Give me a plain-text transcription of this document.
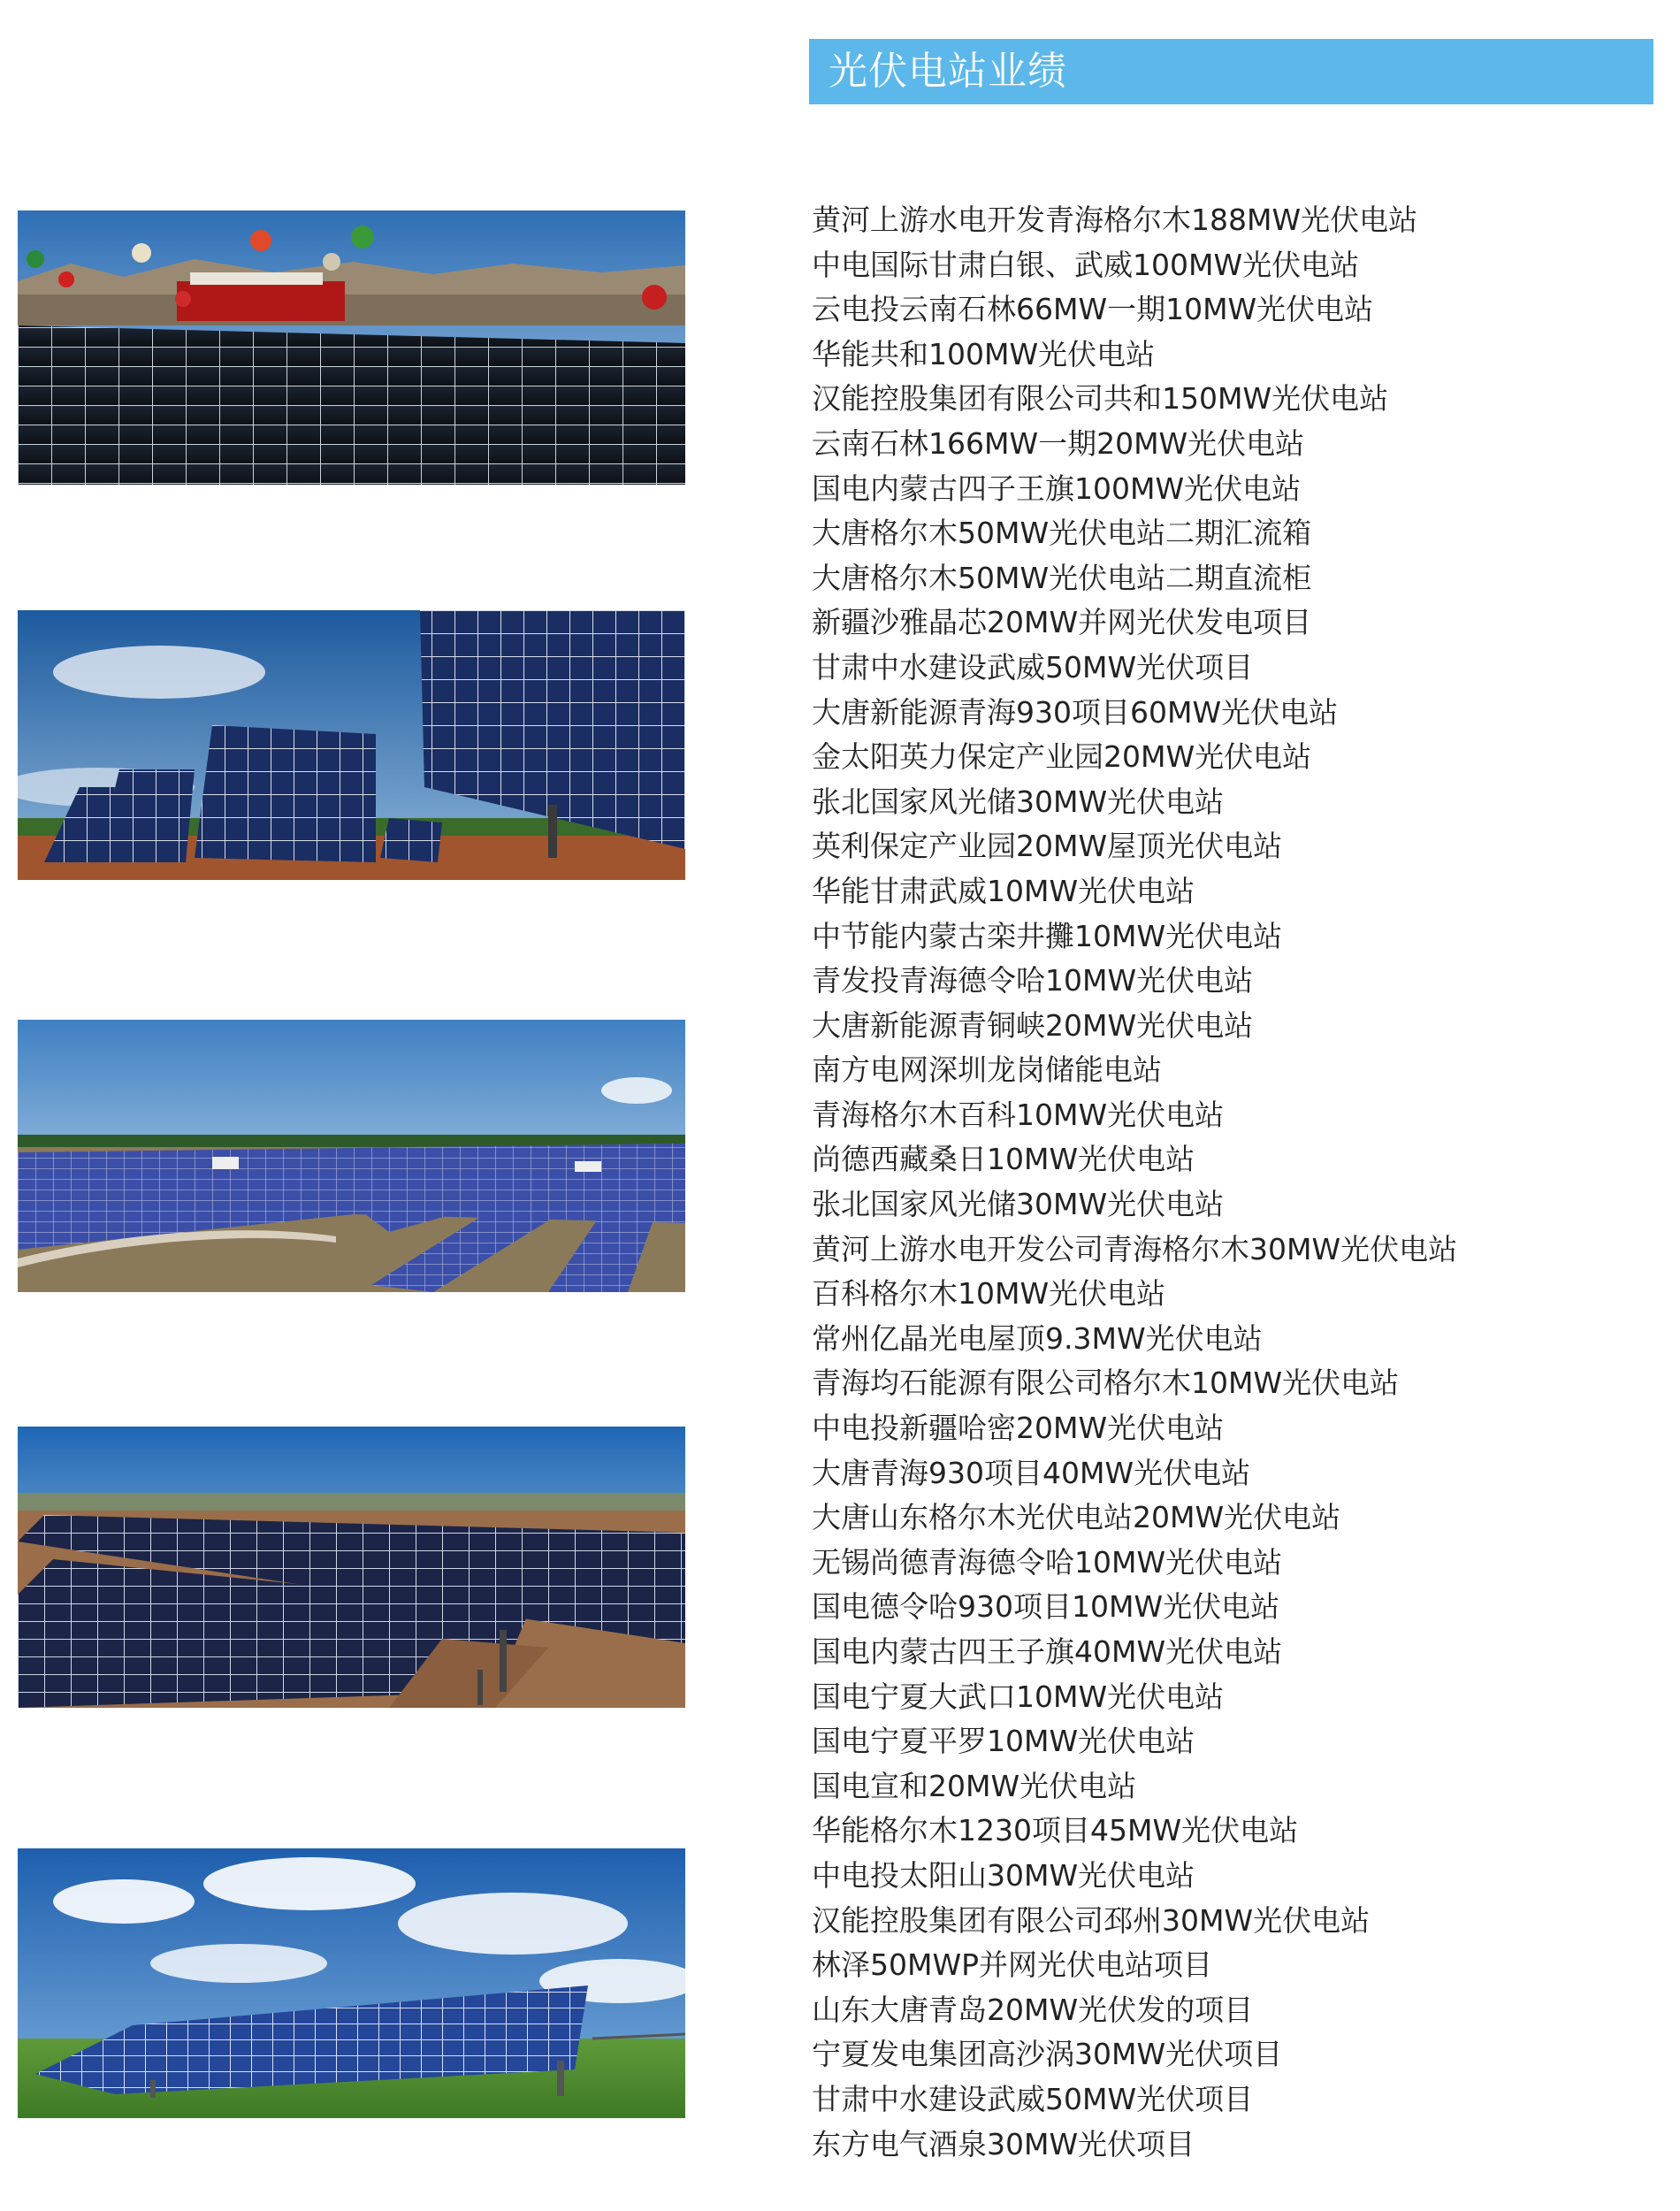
光伏电站业绩
黄河上游水电开发青海格尔木188MW光伏电站
中电国际甘肃白银、武威100MW光伏电站
云电投云南石林66MW一期10MW光伏电站
华能共和100MW光伏电站
汉能控股集团有限公司共和150MW光伏电站
云南石林166MW一期20MW光伏电站
国电内蒙古四子王旗100MW光伏电站
大唐格尔木50MW光伏电站二期汇流箱
大唐格尔木50MW光伏电站二期直流柜
新疆沙雅晶芯20MW并网光伏发电项目
甘肃中水建设武威50MW光伏项目
大唐新能源青海930项目60MW光伏电站
金太阳英力保定产业园20MW光伏电站
张北国家风光储30MW光伏电站
英利保定产业园20MW屋顶光伏电站
华能甘肃武威10MW光伏电站
中节能内蒙古栾井攤10MW光伏电站
青发投青海德令哈10MW光伏电站
大唐新能源青铜峡20MW光伏电站
南方电网深圳龙岗储能电站
青海格尔木百科10MW光伏电站
尚德西藏桑日10MW光伏电站
张北国家风光储30MW光伏电站
黄河上游水电开发公司青海格尔木30MW光伏电站
百科格尔木10MW光伏电站
常州亿晶光电屋顶9.3MW光伏电站
青海均石能源有限公司格尔木10MW光伏电站
中电投新疆哈密20MW光伏电站
大唐青海930项目40MW光伏电站
大唐山东格尔木光伏电站20MW光伏电站
无锡尚德青海德令哈10MW光伏电站
国电德令哈930项目10MW光伏电站
国电内蒙古四王子旗40MW光伏电站
国电宁夏大武口10MW光伏电站
国电宁夏平罗10MW光伏电站
国电宣和20MW光伏电站
华能格尔木1230项目45MW光伏电站
中电投太阳山30MW光伏电站
汉能控股集团有限公司邳州30MW光伏电站
林泽50MWP并网光伏电站项目
山东大唐青岛20MW光伏发的项目
宁夏发电集团高沙涡30MW光伏项目
甘肃中水建设武威50MW光伏项目
东方电气酒泉30MW光伏项目
